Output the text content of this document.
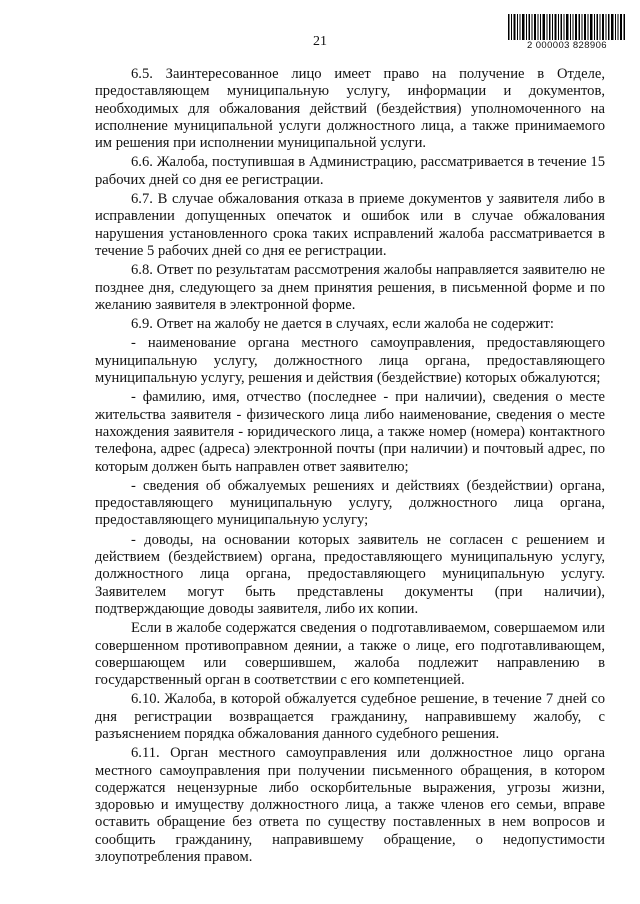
21	2 000003 828906

6.5. Заинтересованное лицо имеет право на получение в Отделе, предоставляющем муниципальную услугу, информации и документов, необходимых для обжалования действий (бездействия) уполномоченного на исполнение муниципальной услуги должностного лица, а также принимаемого им решения при исполнении муниципальной услуги.

6.6. Жалоба, поступившая в Администрацию, рассматривается в течение 15 рабочих дней со дня ее регистрации.

6.7. В случае обжалования отказа в приеме документов у заявителя либо в исправлении допущенных опечаток и ошибок или в случае обжалования нарушения установленного срока таких исправлений жалоба рассматривается в течение 5 рабочих дней со дня ее регистрации.

6.8. Ответ по результатам рассмотрения жалобы направляется заявителю не позднее дня, следующего за днем принятия решения, в письменной форме и по желанию заявителя в электронной форме.

6.9. Ответ на жалобу не дается в случаях, если жалоба не содержит:

- наименование органа местного самоуправления, предоставляющего муниципальную услугу, должностного лица органа, предоставляющего муниципальную услугу, решения и действия (бездействие) которых обжалуются;

- фамилию, имя, отчество (последнее - при наличии), сведения о месте жительства заявителя - физического лица либо наименование, сведения о месте нахождения заявителя - юридического лица, а также номер (номера) контактного телефона, адрес (адреса) электронной почты (при наличии) и почтовый адрес, по которым должен быть направлен ответ заявителю;

- сведения об обжалуемых решениях и действиях (бездействии) органа, предоставляющего муниципальную услугу, должностного лица органа, предоставляющего муниципальную услугу;

- доводы, на основании которых заявитель не согласен с решением и действием (бездействием) органа, предоставляющего муниципальную услугу, должностного лица органа, предоставляющего муниципальную услугу. Заявителем могут быть представлены документы (при наличии), подтверждающие доводы заявителя, либо их копии.

Если в жалобе содержатся сведения о подготавливаемом, совершаемом или совершенном противоправном деянии, а также о лице, его подготавливающем, совершающем или совершившем, жалоба подлежит направлению в государственный орган в соответствии с его компетенцией.

6.10. Жалоба, в которой обжалуется судебное решение, в течение 7 дней со дня регистрации возвращается гражданину, направившему жалобу, с разъяснением порядка обжалования данного судебного решения.

6.11. Орган местного самоуправления или должностное лицо органа местного самоуправления при получении письменного обращения, в котором содержатся нецензурные либо оскорбительные выражения, угрозы жизни, здоровью и имуществу должностного лица, а также членов его семьи, вправе оставить обращение без ответа по существу поставленных в нем вопросов и сообщить гражданину, направившему обращение, о недопустимости злоупотребления правом.
